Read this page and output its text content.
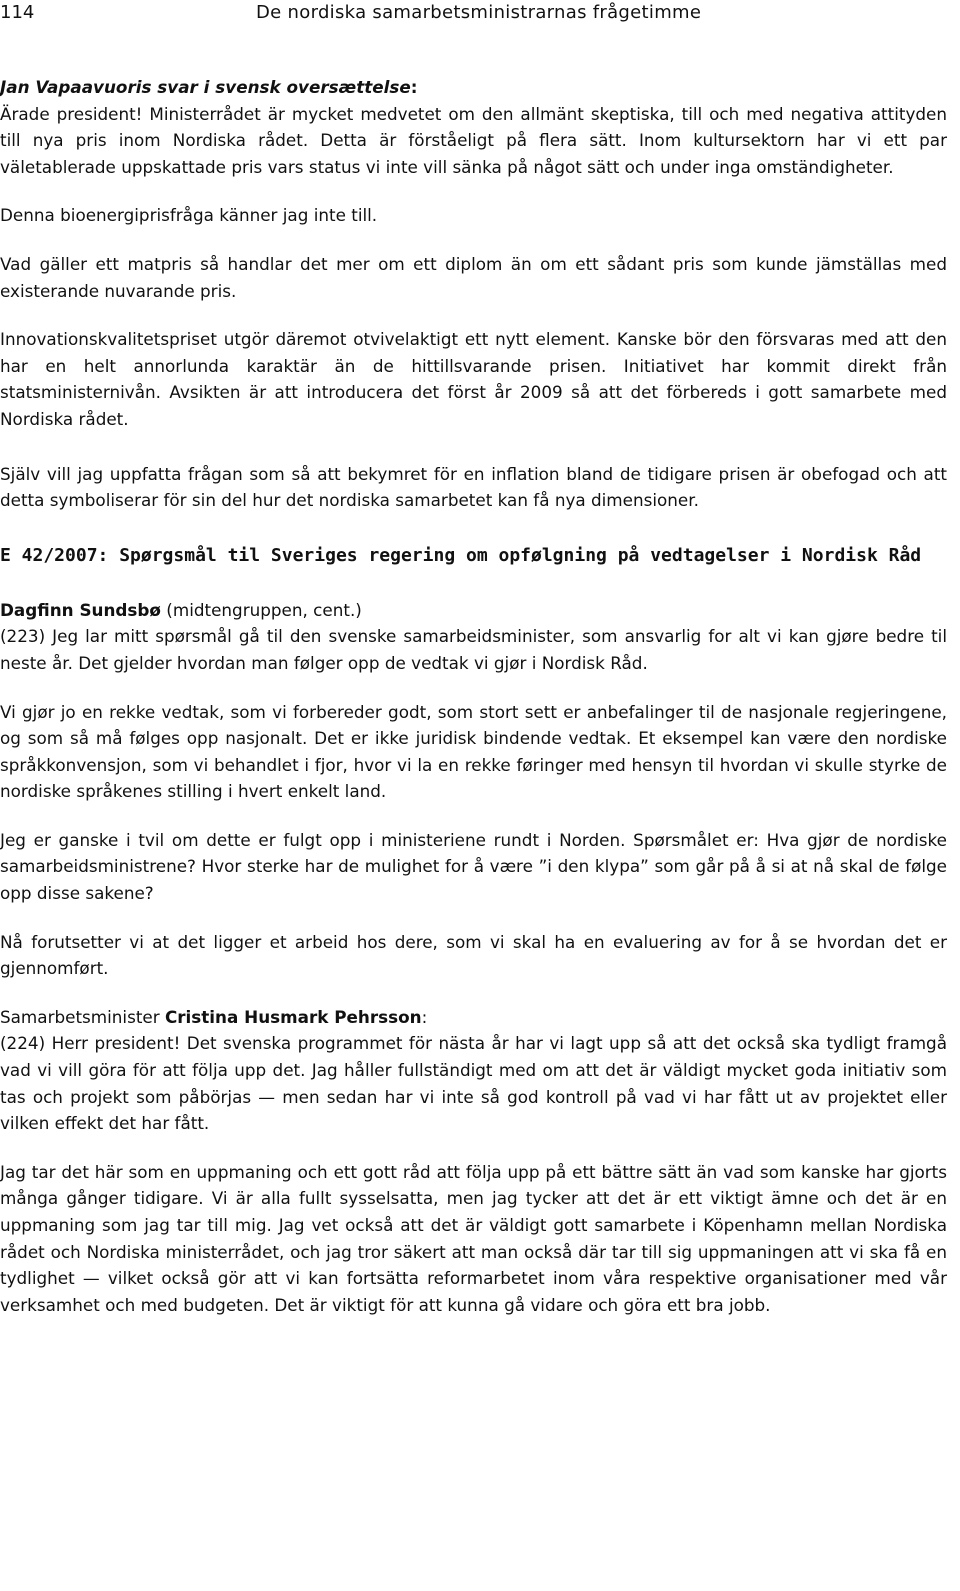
114	De nordiska samarbetsministrarnas frågetimme

Jan Vapaavuoris svar i svensk oversættelse:

Ärade president! Ministerrådet är mycket medvetet om den allmänt skeptiska, till och med negativa attityden till nya pris inom Nordiska rådet. Detta är förståeligt på flera sätt. Inom kultursektorn har vi ett par väletablerade uppskattade pris vars status vi inte vill sänka på något sätt och under inga omständigheter.

Denna bioenergiprisfråga känner jag inte till.

Vad gäller ett matpris så handlar det mer om ett diplom än om ett sådant pris som kunde jämställas med existerande nuvarande pris.

Innovationskvalitetspriset utgör däremot otvivelaktigt ett nytt element. Kanske bör den försvaras med att den har en helt annorlunda karaktär än de hittillsvarande prisen. Initiativet har kommit direkt från statsministernivån. Avsikten är att introducera det först år 2009 så att det förbereds i gott samarbete med Nordiska rådet.

Själv vill jag uppfatta frågan som så att bekymret för en inflation bland de tidigare prisen är obefogad och att detta symboliserar för sin del hur det nordiska samarbetet kan få nya dimensioner.

E 42/2007: Spørgsmål til Sveriges regering om opfølgning på vedtagelser i Nordisk Råd

Dagfinn Sundsbø (midtengruppen, cent.)

(223) Jeg lar mitt spørsmål gå til den svenske samarbeidsminister, som ansvarlig for alt vi kan gjøre bedre til neste år. Det gjelder hvordan man følger opp de vedtak vi gjør i Nordisk Råd.

Vi gjør jo en rekke vedtak, som vi forbereder godt, som stort sett er anbefalinger til de nasjonale regjeringene, og som så må følges opp nasjonalt. Det er ikke juridisk bindende vedtak. Et eksempel kan være den nordiske språkkonvensjon, som vi behandlet i fjor, hvor vi la en rekke føringer med hensyn til hvordan vi skulle styrke de nordiske språkenes stilling i hvert enkelt land.

Jeg er ganske i tvil om dette er fulgt opp i ministeriene rundt i Norden. Spørsmålet er: Hva gjør de nordiske samarbeidsministrene? Hvor sterke har de mulighet for å være ”i den klypa” som går på å si at nå skal de følge opp disse sakene?

Nå forutsetter vi at det ligger et arbeid hos dere, som vi skal ha en evaluering av for å se hvordan det er gjennomført.

Samarbetsminister Cristina Husmark Pehrsson:

(224) Herr president! Det svenska programmet för nästa år har vi lagt upp så att det också ska tydligt framgå vad vi vill göra för att följa upp det. Jag håller fullständigt med om att det är väldigt mycket goda initiativ som tas och projekt som påbörjas — men sedan har vi inte så god kontroll på vad vi har fått ut av projektet eller vilken effekt det har fått.

Jag tar det här som en uppmaning och ett gott råd att följa upp på ett bättre sätt än vad som kanske har gjorts många gånger tidigare. Vi är alla fullt sysselsatta, men jag tycker att det är ett viktigt ämne och det är en uppmaning som jag tar till mig. Jag vet också att det är väldigt gott samarbete i Köpenhamn mellan Nordiska rådet och Nordiska ministerrådet, och jag tror säkert att man också där tar till sig uppmaningen att vi ska få en tydlighet — vilket också gör att vi kan fortsätta reformarbetet inom våra respektive organisationer med vår verksamhet och med budgeten. Det är viktigt för att kunna gå vidare och göra ett bra jobb.
